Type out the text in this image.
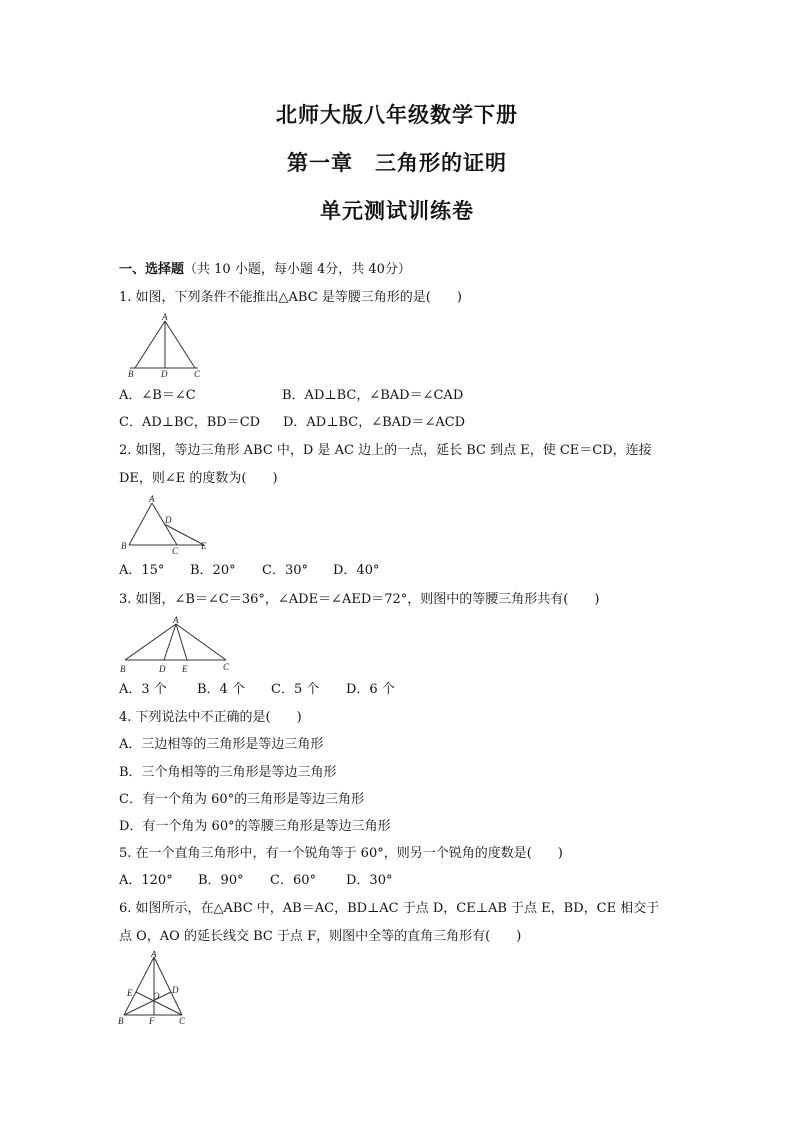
北师大版八年级数学下册
第一章　三角形的证明
单元测试训练卷
一、选择题（共 10 小题，每小题 4分，共 40分）
1. 如图，下列条件不能推出△ABC 是等腰三角形的是(　　)
A
B	D	C
A．∠B＝∠C	B．AD⊥BC，∠BAD＝∠CAD
C．AD⊥BC，BD＝CD D．AD⊥BC，∠BAD＝∠ACD
2. 如图，等边三角形 ABC 中，D 是 AC 边上的一点，延长 BC 到点 E，使 CE＝CD，连接
DE，则∠E 的度数为(　　)
A
D
B	C	E
A．15° B．20° C．30° D．40°
3. 如图，∠B＝∠C＝36°，∠ADE＝∠AED＝72°，则图中的等腰三角形共有(　　)
A
B	D E	C
A．3 个 B．4 个 C．5 个 D．6 个
4. 下列说法中不正确的是(　　)
A．三边相等的三角形是等边三角形
B．三个角相等的三角形是等边三角形
C．有一个角为 60°的三角形是等边三角形
D．有一个角为 60°的等腰三角形是等边三角形
5. 在一个直角三角形中，有一个锐角等于 60°，则另一个锐角的度数是(　　)
A．120° B．90° C．60° D．30°
6. 如图所示，在△ABC 中，AB＝AC，BD⊥AC 于点 D，CE⊥AB 于点 E，BD，CE 相交于
点 O，AO 的延长线交 BC 于点 F，则图中全等的直角三角形有(　　)
A
E O
D
B	F	C
